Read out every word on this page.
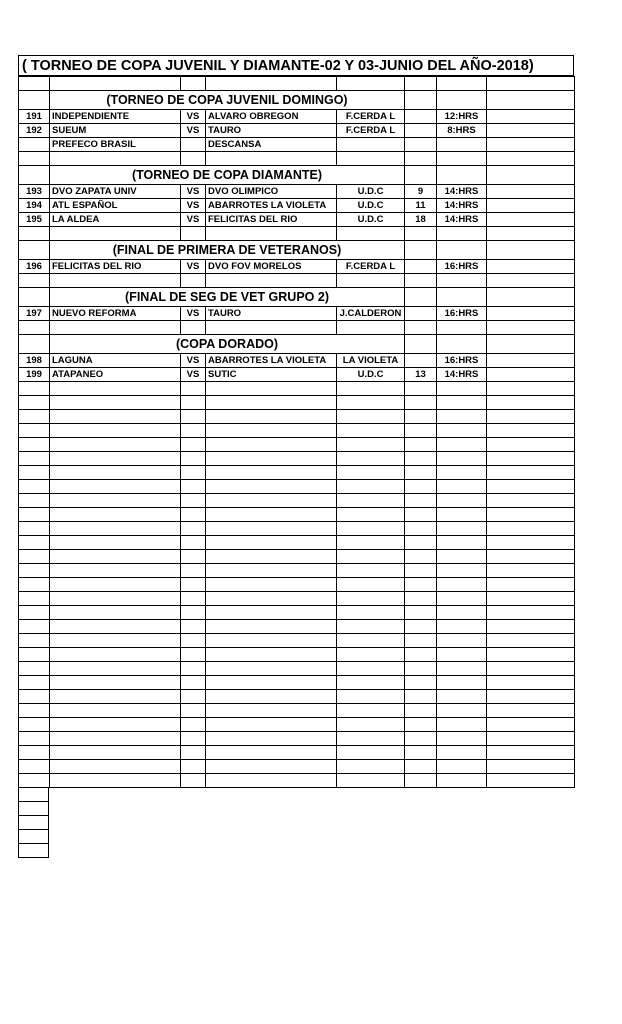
( TORNEO DE COPA JUVENIL Y DIAMANTE-02 Y 03-JUNIO DEL AÑO-2018)

	(TORNEO DE COPA JUVENIL DOMINGO)						
191	INDEPENDIENTE	VS	ALVARO OBREGON	F.CERDA L		12:HRS	
192	SUEUM	VS	TAURO	F.CERDA L		8:HRS	
	PREFECO BRASIL		DESCANSA				

	(TORNEO DE COPA DIAMANTE)						
193	DVO ZAPATA UNIV	VS	DVO OLIMPICO	U.D.C	9	14:HRS	
194	ATL ESPAÑOL	VS	ABARROTES LA VIOLETA	U.D.C	11	14:HRS	
195	LA ALDEA	VS	FELICITAS DEL RIO	U.D.C	18	14:HRS	

	(FINAL DE PRIMERA DE VETERANOS)						
196	FELICITAS DEL RIO	VS	DVO FOV MORELOS	F.CERDA L		16:HRS	

	(FINAL DE SEG DE VET GRUPO 2)						
197	NUEVO REFORMA	VS	TAURO	J.CALDERON		16:HRS	

	(COPA DORADO)						
198	LAGUNA	VS	ABARROTES LA VIOLETA	LA VIOLETA		16:HRS	
199	ATAPANEO	VS	SUTIC	U.D.C	13	14:HRS	
